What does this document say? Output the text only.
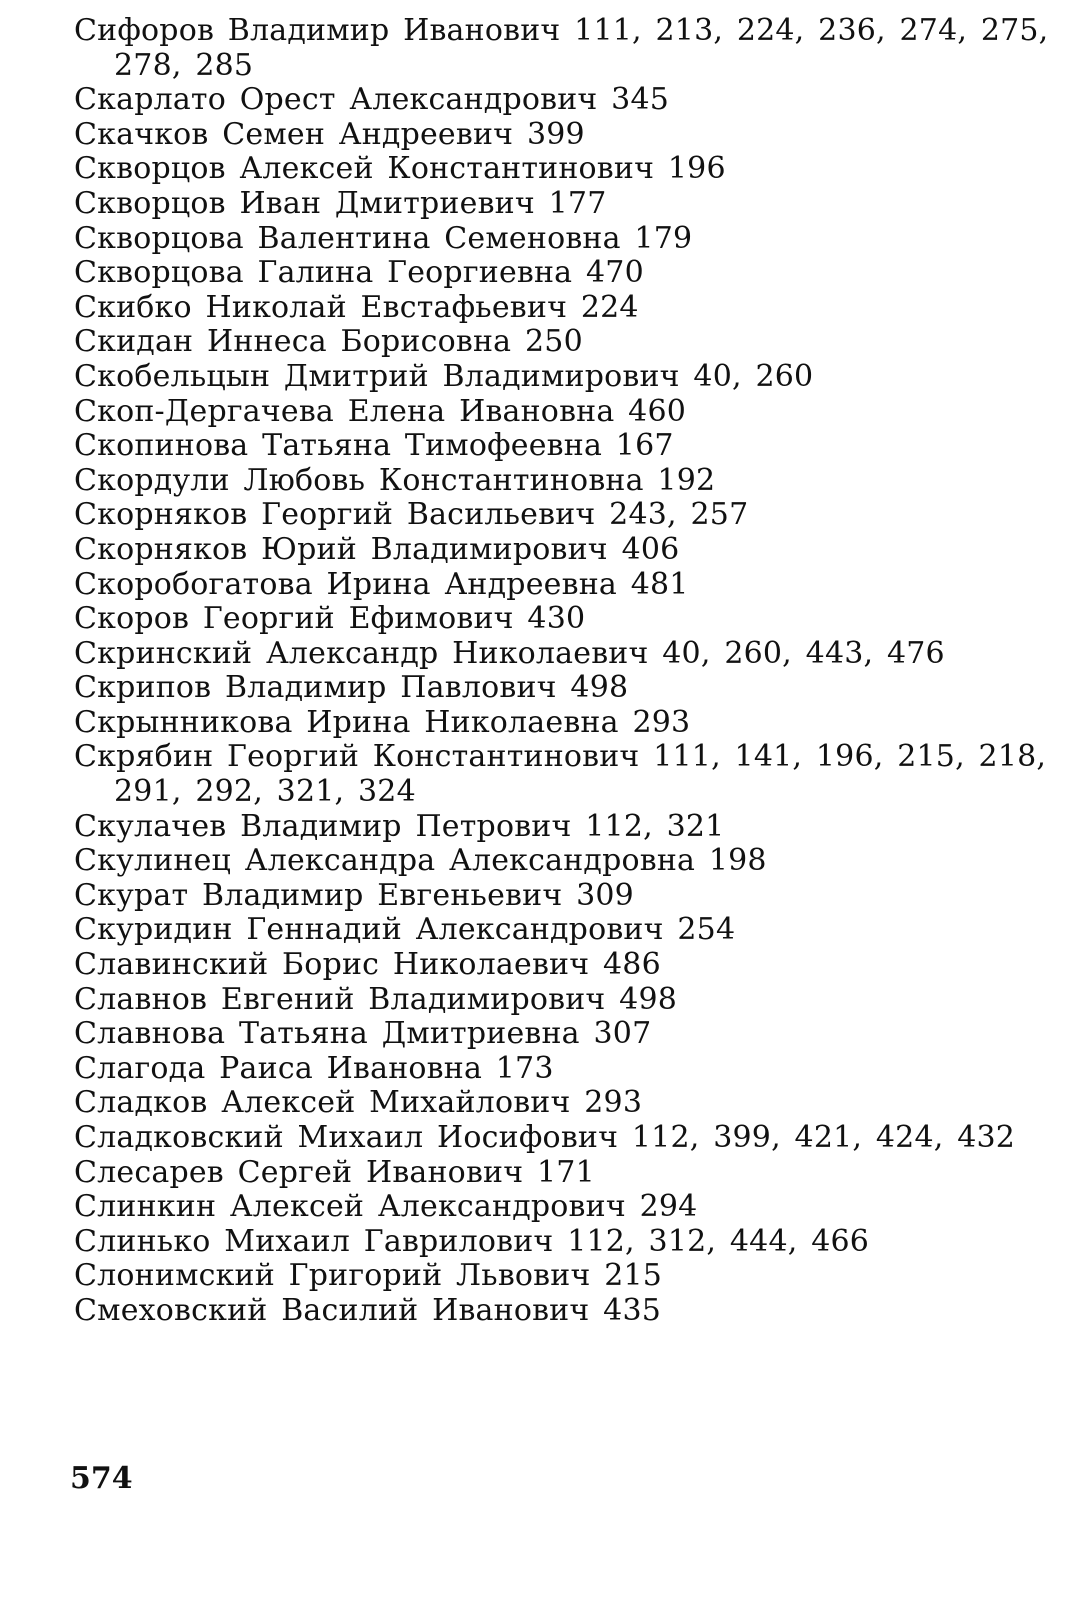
Сифоров Владимир Иванович 111, 213, 224, 236, 274, 275, 278, 285
Скарлато Орест Александрович 345
Скачков Семен Андреевич 399
Скворцов Алексей Константинович 196
Скворцов Иван Дмитриевич 177
Скворцова Валентина Семеновна 179
Скворцова Галина Георгиевна 470
Скибко Николай Евстафьевич 224
Скидан Иннеса Борисовна 250
Скобельцын Дмитрий Владимирович 40, 260
Скоп-Дергачева Елена Ивановна 460
Скопинова Татьяна Тимофеевна 167
Скордули Любовь Константиновна 192
Скорняков Георгий Васильевич 243, 257
Скорняков Юрий Владимирович 406
Скоробогатова Ирина Андреевна 481
Скоров Георгий Ефимович 430
Скринский Александр Николаевич 40, 260, 443, 476
Скрипов Владимир Павлович 498
Скрынникова Ирина Николаевна 293
Скрябин Георгий Константинович 111, 141, 196, 215, 218, 291, 292, 321, 324
Скулачев Владимир Петрович 112, 321
Скулинец Александра Александровна 198
Скурат Владимир Евгеньевич 309
Скуридин Геннадий Александрович 254
Славинский Борис Николаевич 486
Славнов Евгений Владимирович 498
Славнова Татьяна Дмитриевна 307
Слагода Раиса Ивановна 173
Сладков Алексей Михайлович 293
Сладковский Михаил Иосифович 112, 399, 421, 424, 432
Слесарев Сергей Иванович 171
Слинкин Алексей Александрович 294
Слинько Михаил Гаврилович 112, 312, 444, 466
Слонимский Григорий Львович 215
Смеховский Василий Иванович 435
574
